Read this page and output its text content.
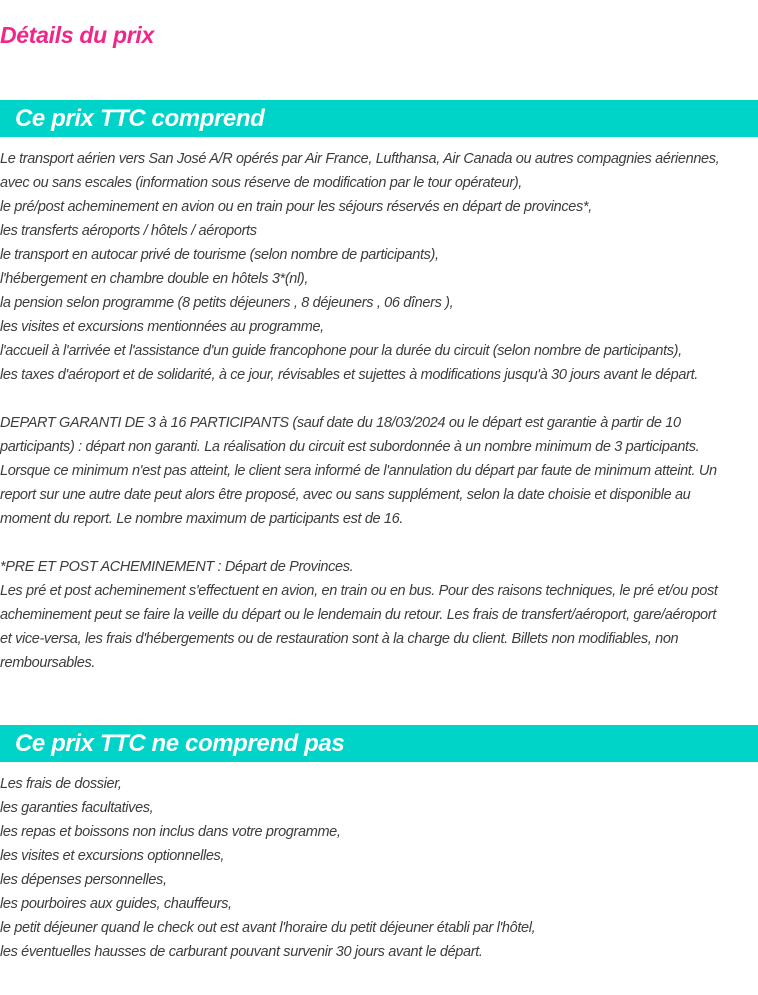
Détails du prix
Ce prix TTC comprend

Le transport aérien vers San José A/R opérés par Air France, Lufthansa, Air Canada ou autres compagnies aériennes,

avec ou sans escales (information sous réserve de modification par le tour opérateur),

le pré/post acheminement en avion ou en train pour les séjours réservés en départ de provinces*,

les transferts aéroports / hôtels / aéroports

le transport en autocar privé de tourisme (selon nombre de participants),

l'hébergement en chambre double en hôtels 3*(nl),

la pension selon programme (8 petits déjeuners , 8 déjeuners , 06 dîners ),

les visites et excursions mentionnées au programme,

l'accueil à l'arrivée et l'assistance d'un guide francophone pour la durée du circuit (selon nombre de participants),

les taxes d'aéroport et de solidarité, à ce jour, révisables et sujettes à modifications jusqu'à 30 jours avant le départ.

DEPART GARANTI DE 3 à 16 PARTICIPANTS (sauf date du 18/03/2024 ou le départ est garantie à partir de 10

participants) : départ non garanti. La réalisation du circuit est subordonnée à un nombre minimum de 3 participants.

Lorsque ce minimum n'est pas atteint, le client sera informé de l'annulation du départ par faute de minimum atteint. Un

report sur une autre date peut alors être proposé, avec ou sans supplément, selon la date choisie et disponible au

moment du report. Le nombre maximum de participants est de 16.

*PRE ET POST ACHEMINEMENT : Départ de Provinces.

Les pré et post acheminement s'effectuent en avion, en train ou en bus. Pour des raisons techniques, le pré et/ou post

acheminement peut se faire la veille du départ ou le lendemain du retour. Les frais de transfert/aéroport, gare/aéroport

et vice-versa, les frais d'hébergements ou de restauration sont à la charge du client. Billets non modifiables, non

remboursables.

Ce prix TTC ne comprend pas

Les frais de dossier,

les garanties facultatives,

les repas et boissons non inclus dans votre programme,

les visites et excursions optionnelles,

les dépenses personnelles,

les pourboires aux guides, chauffeurs,

le petit déjeuner quand le check out est avant l'horaire du petit déjeuner établi par l'hôtel,

les éventuelles hausses de carburant pouvant survenir 30 jours avant le départ.
